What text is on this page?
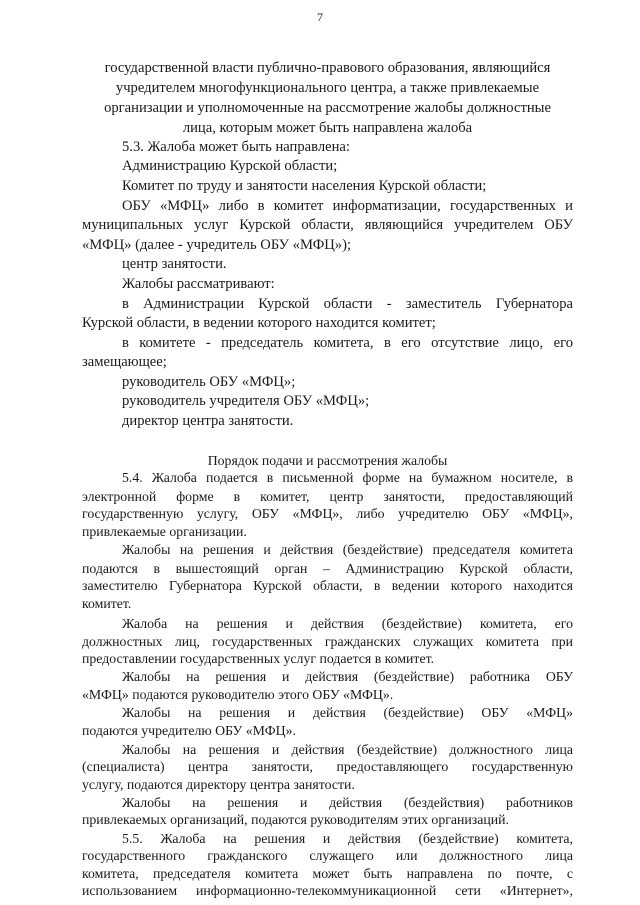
7
государственной власти публично-правового образования, являющийся
учредителем многофункционального центра, а также привлекаемые
организации и уполномоченные на рассмотрение жалобы должностные
лица, которым может быть направлена жалоба
5.3. Жалоба может быть направлена:
Администрацию Курской области;
Комитет по труду и занятости населения Курской области;
ОБУ «МФЦ» либо в комитет информатизации, государственных и
муниципальных услуг Курской области, являющийся учредителем ОБУ
«МФЦ» (далее - учредитель ОБУ «МФЦ»);
центр занятости.
Жалобы рассматривают:
в Администрации Курской области - заместитель Губернатора
Курской области, в ведении которого находится комитет;
в комитете - председатель комитета, в его отсутствие лицо, его
замещающее;
руководитель ОБУ «МФЦ»;
руководитель учредителя ОБУ «МФЦ»;
директор центра занятости.
Порядок подачи и рассмотрения жалобы
5.4. Жалоба подается в письменной форме на бумажном носителе, в
электронной форме в комитет, центр занятости, предоставляющий
государственную услугу, ОБУ «МФЦ», либо учредителю ОБУ «МФЦ»,
привлекаемые организации.
Жалобы на решения и действия (бездействие) председателя комитета
подаются в вышестоящий орган – Администрацию Курской области,
заместителю Губернатора Курской области, в ведении которого находится
комитет.
Жалоба на решения и действия (бездействие) комитета, его
должностных лиц, государственных гражданских служащих комитета при
предоставлении государственных услуг подается в комитет.
Жалобы на решения и действия (бездействие) работника ОБУ
«МФЦ» подаются руководителю этого ОБУ «МФЦ».
Жалобы на решения и действия (бездействие) ОБУ «МФЦ»
подаются учредителю ОБУ «МФЦ».
Жалобы на решения и действия (бездействие) должностного лица
(специалиста) центра занятости, предоставляющего государственную
услугу, подаются директору центра занятости.
Жалобы на решения и действия (бездействия) работников
привлекаемых организаций, подаются руководителям этих организаций.
5.5. Жалоба на решения и действия (бездействие) комитета,
государственного гражданского служащего или должностного лица
комитета, председателя комитета может быть направлена по почте, с
использованием информационно-телекоммуникационной сети «Интернет»,
